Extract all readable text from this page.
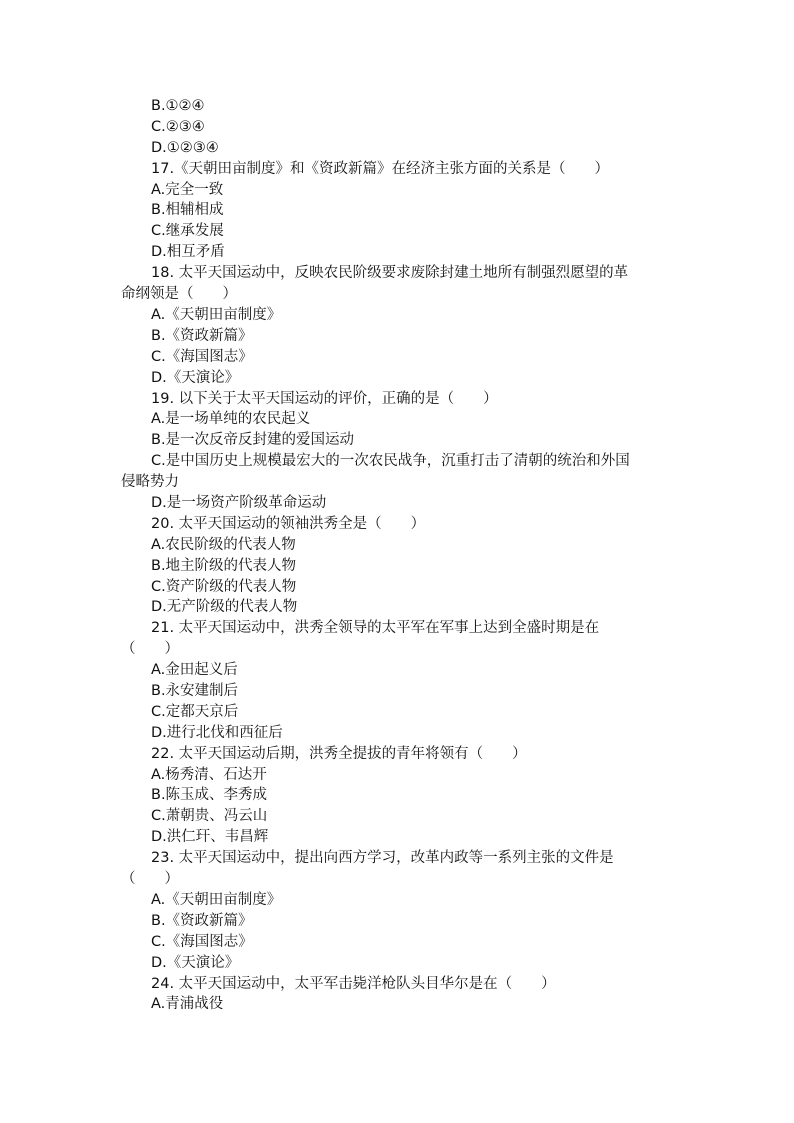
B.①②④
C.②③④
D.①②③④
17.《天朝田亩制度》和《资政新篇》在经济主张方面的关系是（　　）
A.完全一致
B.相辅相成
C.继承发展
D.相互矛盾
18. 太平天国运动中，反映农民阶级要求废除封建土地所有制强烈愿望的革
命纲领是（　　）
A.《天朝田亩制度》
B.《资政新篇》
C.《海国图志》
D.《天演论》
19. 以下关于太平天国运动的评价，正确的是（　　）
A.是一场单纯的农民起义
B.是一次反帝反封建的爱国运动
C.是中国历史上规模最宏大的一次农民战争，沉重打击了清朝的统治和外国
侵略势力
D.是一场资产阶级革命运动
20. 太平天国运动的领袖洪秀全是（　　）
A.农民阶级的代表人物
B.地主阶级的代表人物
C.资产阶级的代表人物
D.无产阶级的代表人物
21. 太平天国运动中，洪秀全领导的太平军在军事上达到全盛时期是在
（　　）
A.金田起义后
B.永安建制后
C.定都天京后
D.进行北伐和西征后
22. 太平天国运动后期，洪秀全提拔的青年将领有（　　）
A.杨秀清、石达开
B.陈玉成、李秀成
C.萧朝贵、冯云山
D.洪仁玕、韦昌辉
23. 太平天国运动中，提出向西方学习，改革内政等一系列主张的文件是
（　　）
A.《天朝田亩制度》
B.《资政新篇》
C.《海国图志》
D.《天演论》
24. 太平天国运动中，太平军击毙洋枪队头目华尔是在（　　）
A.青浦战役
